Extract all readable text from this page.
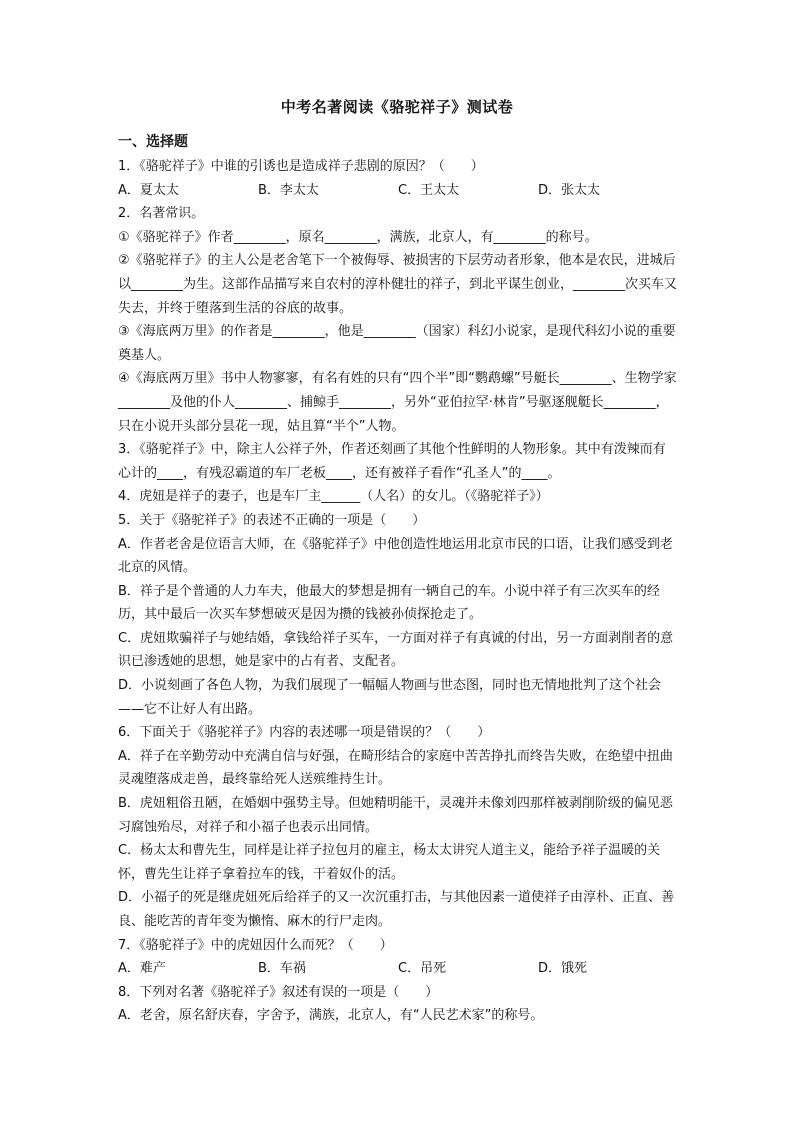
中考名著阅读《骆驼祥子》测试卷
一、选择题
1．《骆驼祥子》中谁的引诱也是造成祥子悲剧的原因？（　　）
A．夏太太	B．李太太	C．王太太	D．张太太
2．名著常识。
①《骆驼祥子》作者________，原名________，满族，北京人，有________的称号。
②《骆驼祥子》的主人公是老舍笔下一个被侮辱、被损害的下层劳动者形象，他本是农民，进城后以________为生。这部作品描写来自农村的淳朴健壮的祥子，到北平谋生创业，________次买车又失去，并终于堕落到生活的谷底的故事。
③《海底两万里》的作者是________，他是________（国家）科幻小说家，是现代科幻小说的重要奠基人。
④《海底两万里》书中人物寥寥，有名有姓的只有“四个半”即“鹦鹉螺”号艇长________、生物学家________及他的仆人________、捕鲸手________，另外“亚伯拉罕·林肯”号驱逐舰艇长________，只在小说开头部分昙花一现，姑且算“半个”人物。
3．《骆驼祥子》中，除主人公祥子外，作者还刻画了其他个性鲜明的人物形象。其中有泼辣而有心计的____，有残忍霸道的车厂老板____，还有被祥子看作“孔圣人”的____。
4．虎妞是祥子的妻子，也是车厂主______（人名）的女儿。（《骆驼祥子》）
5．关于《骆驼祥子》的表述不正确的一项是（　　）
A．作者老舍是位语言大师，在《骆驼祥子》中他创造性地运用北京市民的口语，让我们感受到老北京的风情。
B．祥子是个普通的人力车夫，他最大的梦想是拥有一辆自己的车。小说中祥子有三次买车的经历，其中最后一次买车梦想破灭是因为攒的钱被孙侦探抢走了。
C．虎妞欺骗祥子与她结婚，拿钱给祥子买车，一方面对祥子有真诚的付出，另一方面剥削者的意识已渗透她的思想，她是家中的占有者、支配者。
D．小说刻画了各色人物，为我们展现了一幅幅人物画与世态图，同时也无情地批判了这个社会——它不让好人有出路。
6．下面关于《骆驼祥子》内容的表述哪一项是错误的？（　　）
A．祥子在辛勤劳动中充满自信与好强，在畸形结合的家庭中苦苦挣扎而终告失败，在绝望中扭曲灵魂堕落成走兽，最终靠给死人送殡维持生计。
B．虎妞粗俗丑陋，在婚姻中强势主导。但她精明能干，灵魂并未像刘四那样被剥削阶级的偏见恶习腐蚀殆尽，对祥子和小福子也表示出同情。
C．杨太太和曹先生，同样是让祥子拉包月的雇主，杨太太讲究人道主义，能给予祥子温暖的关怀，曹先生让祥子拿着拉车的钱，干着奴仆的活。
D．小福子的死是继虎妞死后给祥子的又一次沉重打击，与其他因素一道使祥子由淳朴、正直、善良、能吃苦的青年变为懒惰、麻木的行尸走肉。
7．《骆驼祥子》中的虎妞因什么而死？（　　）
A．难产	B．车祸	C．吊死	D．饿死
8．下列对名著《骆驼祥子》叙述有误的一项是（　　）
A．老舍，原名舒庆春，字舍予，满族，北京人，有“人民艺术家”的称号。
